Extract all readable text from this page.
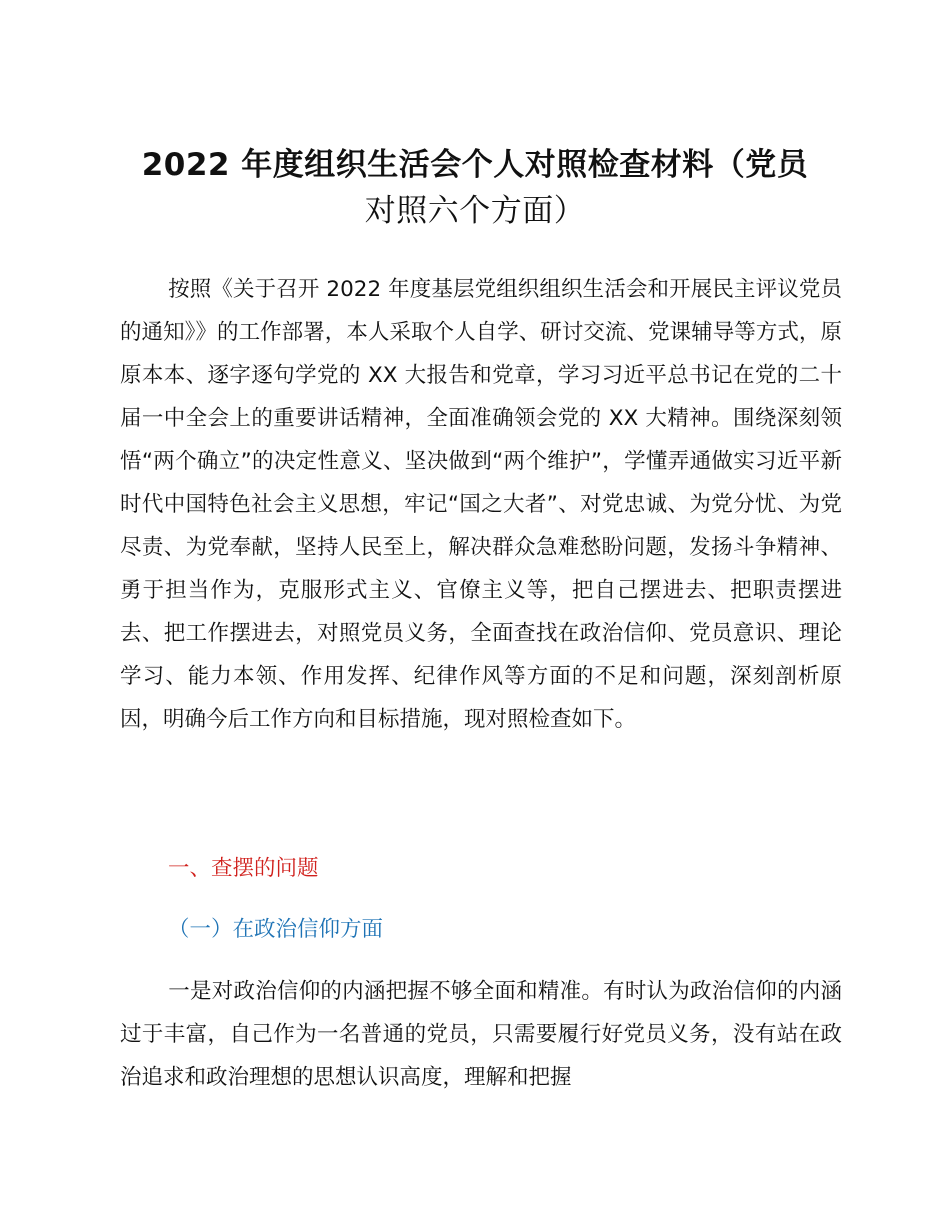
2022 年度组织生活会个人对照检查材料（党员
对照六个方面）

按照《关于召开 2022 年度基层党组织组织生活会和开展民主评议党员的通知》》的工作部署，本人采取个人自学、研讨交流、党课辅导等方式，原原本本、逐字逐句学党的 XX 大报告和党章，学习习近平总书记在党的二十届一中全会上的重要讲话精神，全面准确领会党的 XX 大精神。围绕深刻领悟“两个确立”的决定性意义、坚决做到“两个维护”，学懂弄通做实习近平新时代中国特色社会主义思想，牢记“国之大者”、对党忠诚、为党分忧、为党尽责、为党奉献，坚持人民至上，解决群众急难愁盼问题，发扬斗争精神、勇于担当作为，克服形式主义、官僚主义等，把自己摆进去、把职责摆进去、把工作摆进去，对照党员义务，全面查找在政治信仰、党员意识、理论学习、能力本领、作用发挥、纪律作风等方面的不足和问题，深刻剖析原因，明确今后工作方向和目标措施，现对照检查如下。

一、查摆的问题
（一）在政治信仰方面

一是对政治信仰的内涵把握不够全面和精准。有时认为政治信仰的内涵过于丰富，自己作为一名普通的党员，只需要履行好党员义务，没有站在政治追求和政治理想的思想认识高度，理解和把握
